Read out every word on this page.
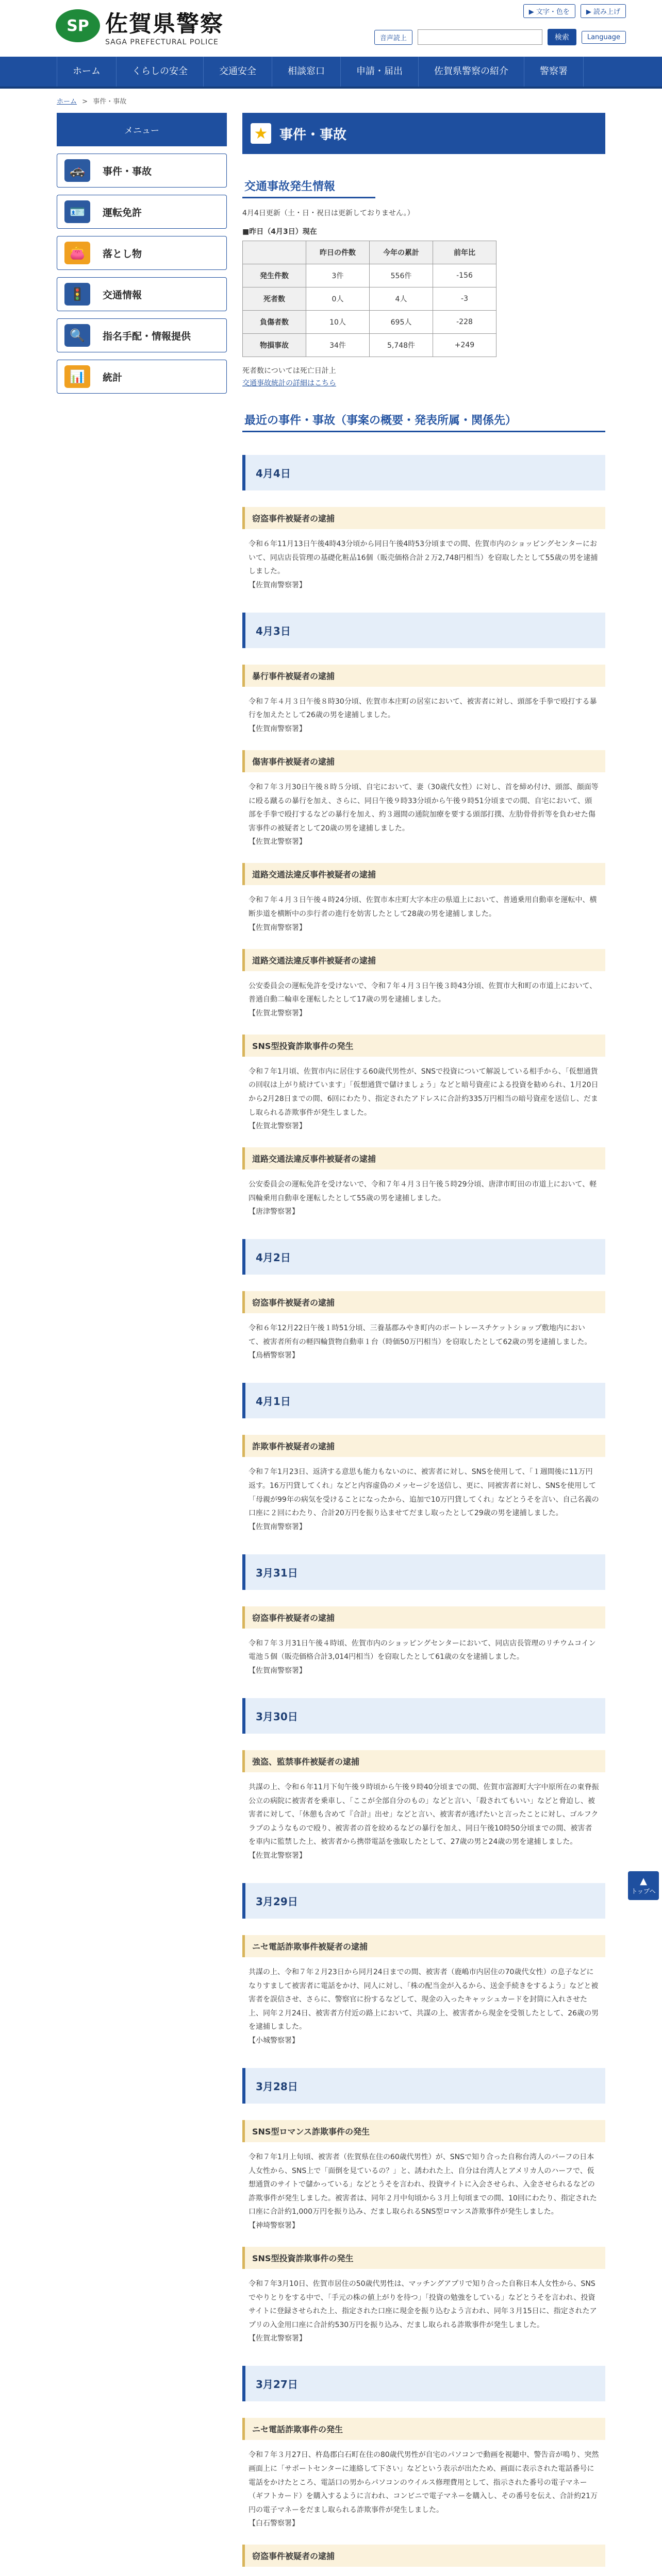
SP 佐賀県警察
SAGA PREFECTURAL POLICE
▶ 文字・色を	▶ 読み上げ
音声読上	検索	Language
ホーム	くらしの安全	交通安全	相談窓口	申請・届出	佐賀県警察の紹介	警察署
ホーム > 事件・事故
メニュー
🚓	事件・事故
🪪	運転免許
👛	落とし物
🚦	交通情報
🔍	指名手配・情報提供
📊	統計
★ 事件・事故
交通事故発生情報
4月4日更新（土・日・祝日は更新しておりません。）
■昨日（4月3日）現在
	昨日の件数	今年の累計	前年比
発生件数	3件	556件	-156
死者数	0人	4人	-3
負傷者数	10人	695人	-228
物損事故	34件	5,748件	+249
死者数については死亡日計上
交通事故統計の詳細はこちら
最近の事件・事故（事案の概要・発表所属・関係先）
4月4日
窃盗事件被疑者の逮捕
令和６年11月13日午後4時43分頃から同日午後4時53分頃までの間、佐賀市内のショッピングセンターにおいて、同店店長管理の基礎化粧品16個（販売価格合計２万2,748円相当）を窃取したとして55歳の男を逮捕しました。
【佐賀南警察署】
4月3日
暴行事件被疑者の逮捕
令和７年４月３日午後８時30分頃、佐賀市本庄町の居室において、被害者に対し、頭部を手拳で殴打する暴行を加えたとして26歳の男を逮捕しました。
【佐賀南警察署】
傷害事件被疑者の逮捕
令和７年３月30日午後８時５分頃、自宅において、妻（30歳代女性）に対し、首を締め付け、頭部、顔面等に殴る蹴るの暴行を加え、さらに、同日午後９時33分頃から午後９時51分頃までの間、自宅において、頭部を手拳で殴打するなどの暴行を加え、約３週間の通院加療を要する頭部打撲、左肋骨骨折等を負わせた傷害事件の被疑者として20歳の男を逮捕しました。
【佐賀北警察署】
道路交通法違反事件被疑者の逮捕
令和７年４月３日午後４時24分頃、佐賀市本庄町大字本庄の県道上において、普通乗用自動車を運転中、横断歩道を横断中の歩行者の進行を妨害したとして28歳の男を逮捕しました。
【佐賀南警察署】
道路交通法違反事件被疑者の逮捕
公安委員会の運転免許を受けないで、令和７年４月３日午後３時43分頃、佐賀市大和町の市道上において、普通自動二輪車を運転したとして17歳の男を逮捕しました。
【佐賀北警察署】
SNS型投資詐欺事件の発生
令和７年1月頃、佐賀市内に居住する60歳代男性が、SNSで投資について解説している相手から、「仮想通貨の回収は上がり続けています」「仮想通貨で儲けましょう」などと暗号資産による投資を勧められ、1月20日から2月28日までの間、6回にわたり、指定されたアドレスに合計約335万円相当の暗号資産を送信し、だまし取られる詐欺事件が発生しました。
【佐賀北警察署】
道路交通法違反事件被疑者の逮捕
公安委員会の運転免許を受けないで、令和７年４月３日午後５時29分頃、唐津市町田の市道上において、軽四輪乗用自動車を運転したとして55歳の男を逮捕しました。
【唐津警察署】
4月2日
窃盗事件被疑者の逮捕
令和６年12月22日午後１時51分頃、三養基郡みやき町内のボートレースチケットショップ敷地内において、被害者所有の軽四輪貨物自動車１台（時価50万円相当）を窃取したとして62歳の男を逮捕しました。
【鳥栖警察署】
4月1日
詐欺事件被疑者の逮捕
令和７年1月23日、返済する意思も能力もないのに、被害者に対し、SNSを使用して、「１週間後に11万円返す。16万円貸してくれ」などと内容虚偽のメッセージを送信し、更に、同被害者に対し、SNSを使用して「母親が99年の病気を受けることになったから、追加で10万円貸してくれ」などとうそを言い、自己名義の口座に２回にわたり、合計20万円を振り込ませてだまし取ったとして29歳の男を逮捕しました。
【佐賀南警察署】
3月31日
窃盗事件被疑者の逮捕
令和７年３月31日午後４時頃、佐賀市内のショッピングセンターにおいて、同店店長管理のリチウムコイン電池５個（販売価格合計3,014円相当）を窃取したとして61歳の女を逮捕しました。
【佐賀南警察署】
3月30日
強盗、監禁事件被疑者の逮捕
共謀の上、令和６年11月下旬午後９時頃から午後９時40分頃までの間、佐賀市富源町大字中原所在の東脊振公立の病院に被害者を乗車し、「ここが全部自分のもの」などと言い、「殺されてもいい」などと脅迫し、被害者に対して、「休憩も含めて『合計』出せ」などと言い、被害者が逃げたいと言ったことに対し、ゴルフクラブのようなもので殴り、被害者の首を絞めるなどの暴行を加え、同日午後10時50分頃までの間、被害者を車内に監禁した上、被害者から携帯電話を強取したとして、27歳の男と24歳の男を逮捕しました。
【佐賀北警察署】
3月29日
ニセ電話詐欺事件被疑者の逮捕
共謀の上、令和７年２月23日から同月24日までの間、被害者（鹿嶋市内居住の70歳代女性）の息子などになりすまして被害者に電話をかけ、同人に対し、「株の配当金が入るから、送金手続きをするよう」などと被害者を誤信させ、さらに、警察官に扮するなどして、現金の入ったキャッシュカードを封筒に入れさせた上、同年２月24日、被害者方付近の路上において、共謀の上、被害者から現金を受領したとして、26歳の男を逮捕しました。
【小城警察署】
3月28日
SNS型ロマンス詐欺事件の発生
令和７年1月上旬頃、被害者（佐賀県在住の60歳代男性）が、SNSで知り合った自称台湾人のバーフの日本人女性から、SNS上で「面倒を見ているの？」と、誘われた上、自分は台湾人とアメリカ人のハーフで、仮想通貨のサイトで儲かっている」などとうそを言われ、投資サイトに入会させられ、入金させられるなどの詐欺事件が発生しました。被害者は、同年２月中旬頃から３月上旬頃までの間、10回にわたり、指定された口座に合計約1,000万円を振り込み、だまし取られるSNS型ロマンス詐欺事件が発生しました。
【神埼警察署】
SNS型投資詐欺事件の発生
令和７年3月10日、佐賀市居住の50歳代男性は、マッチングアプリで知り合った自称日本人女性から、SNSでやりとりをする中で、「手元の株の値上がりを待つ」「投資の勉強をしている」などとうそを言われ、投資サイトに登録させられた上、指定された口座に現金を振り込むよう言われ、同年３月15日に、指定されたアプリの入金用口座に合計約530万円を振り込み、だまし取られる詐欺事件が発生しました。
【佐賀北警察署】
3月27日
ニセ電話詐欺事件の発生
令和７年３月27日、杵島郡白石町在住の80歳代男性が自宅のパソコンで動画を視聴中、警告音が鳴り、突然画面上に「サポートセンターに連絡して下さい」などという表示が出たため、画面に表示された電話番号に電話をかけたところ、電話口の男からパソコンのウイルス修理費用として、指示された番号の電子マネー（ギフトカード）を購入するように言われ、コンビニで電子マネーを購入し、その番号を伝え、合計約21万円の電子マネーをだまし取られる詐欺事件が発生しました。
【白石警察署】
窃盗事件被疑者の逮捕
▲
トップへ
